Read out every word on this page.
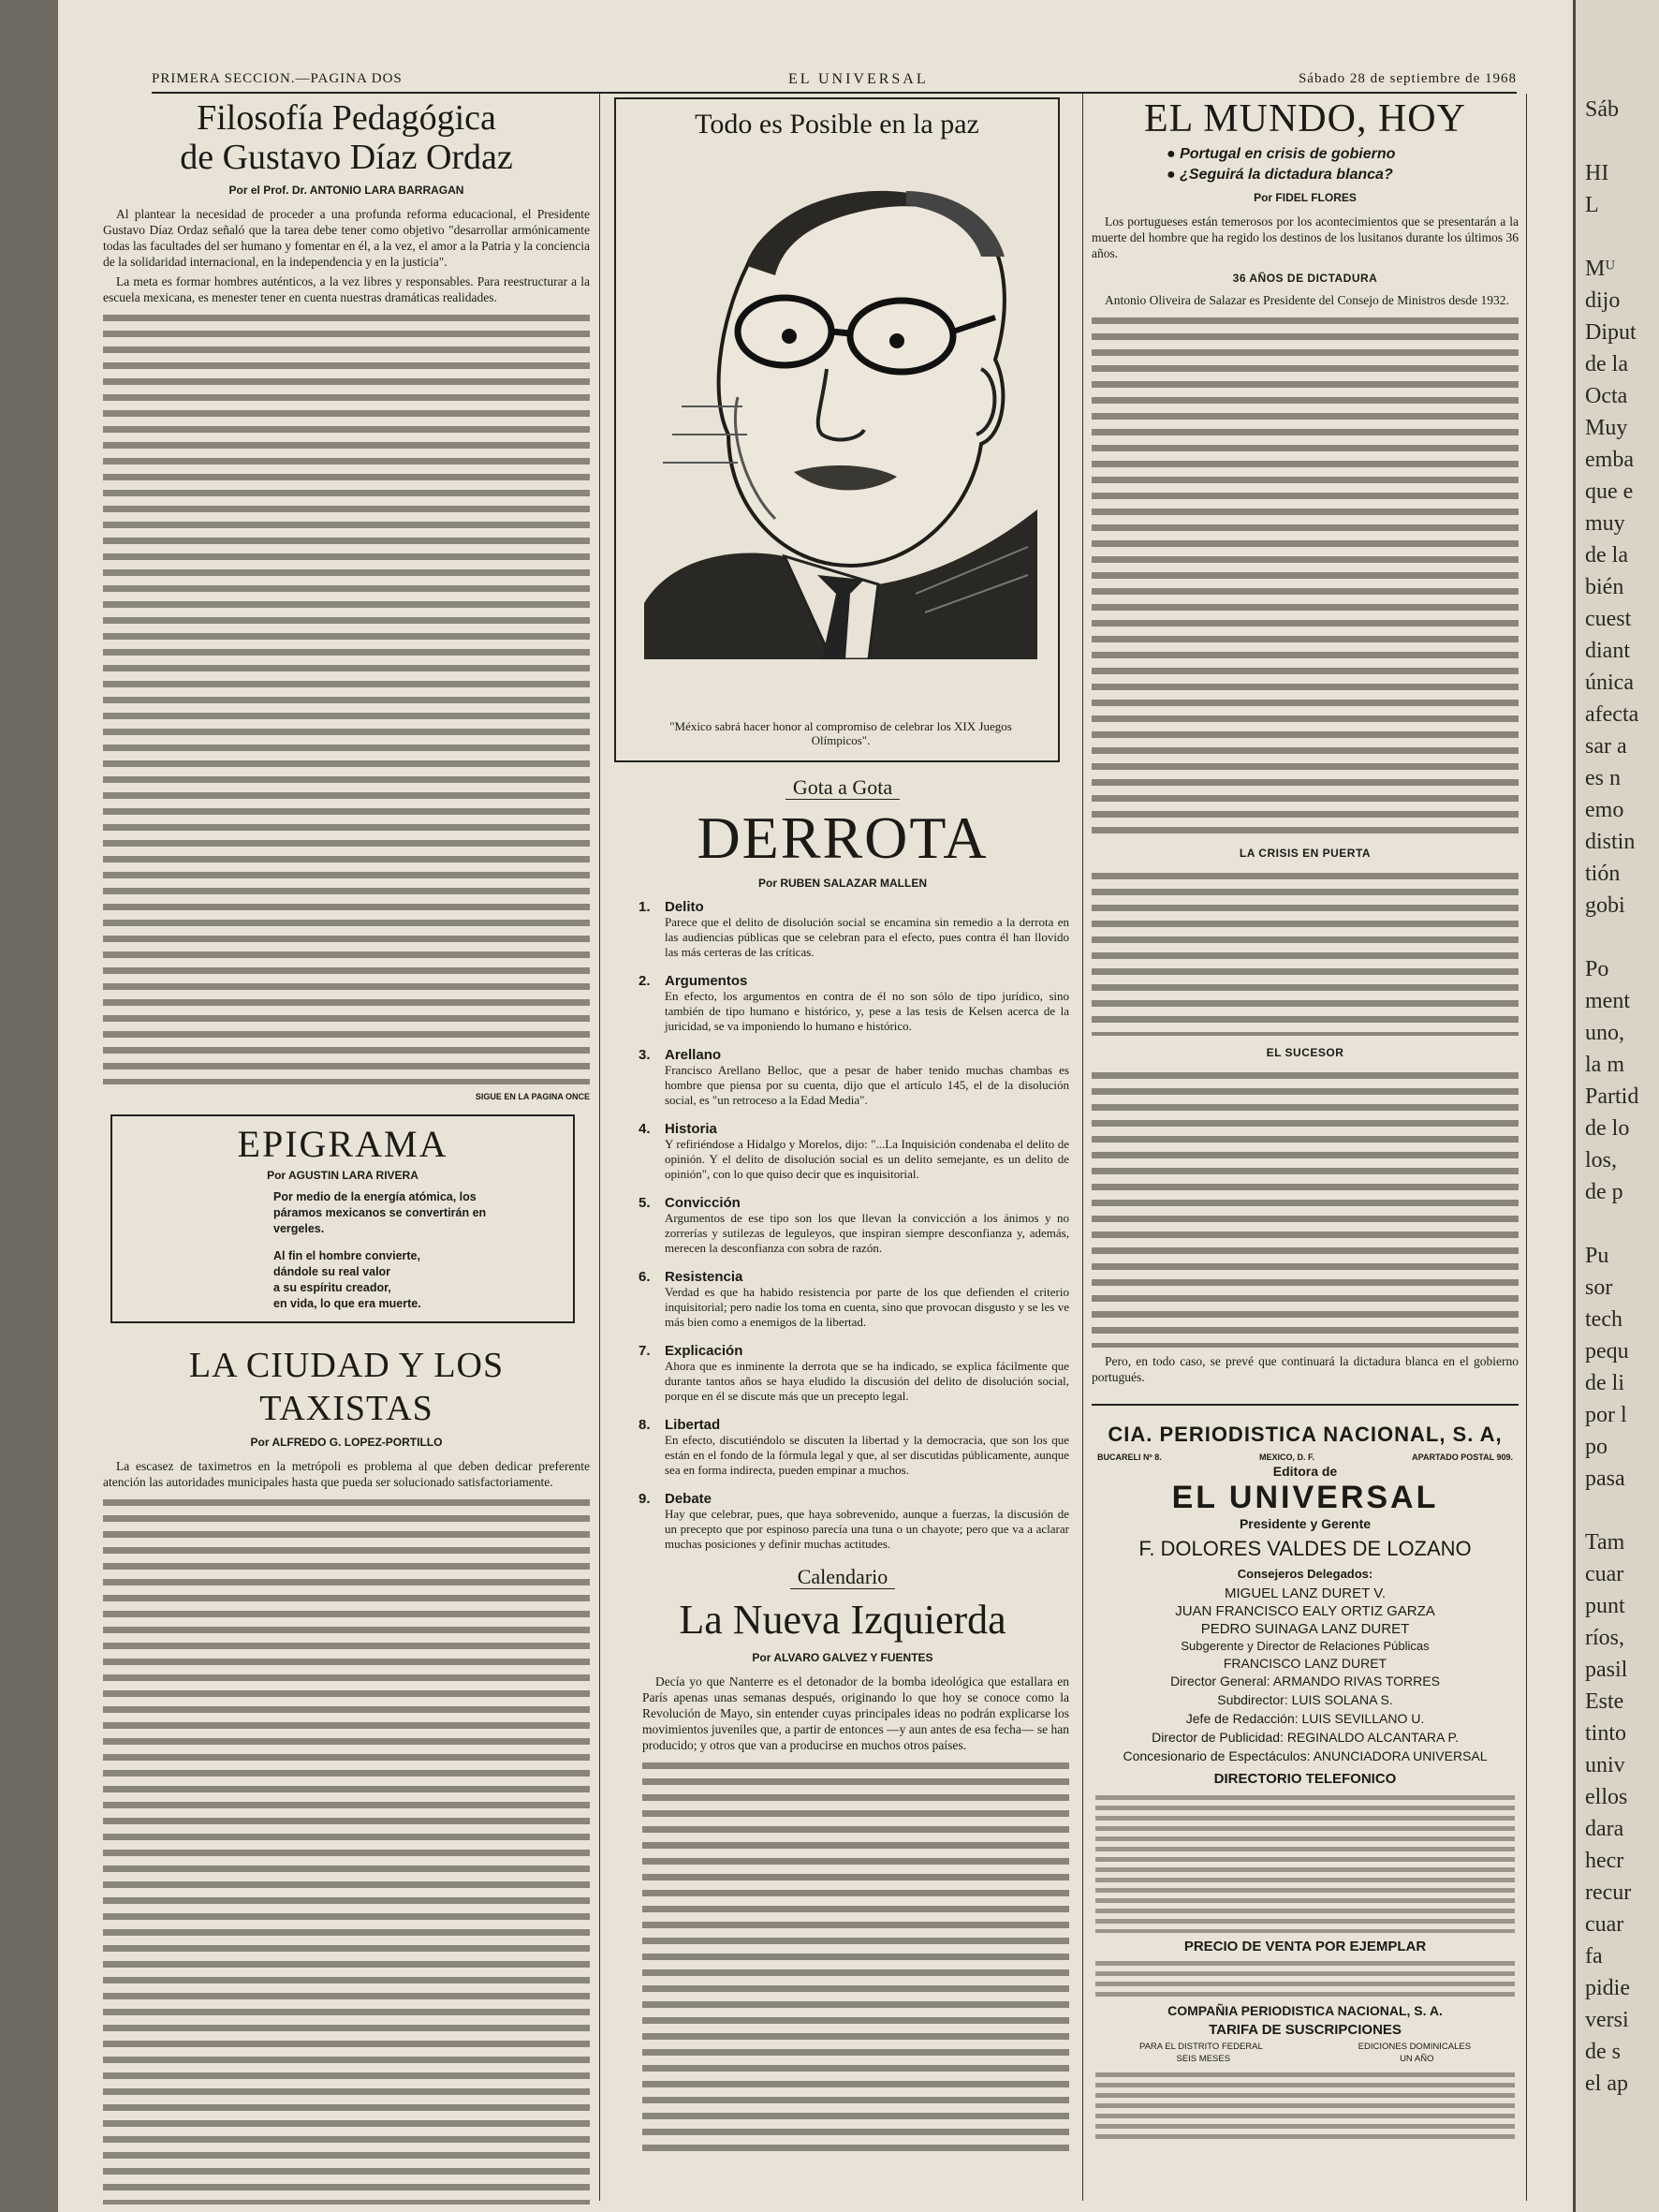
PRIMERA SECCION.—PAGINA DOS	EL UNIVERSAL	Sábado 28 de septiembre de 1968
Filosofía Pedagógica
de Gustavo Díaz Ordaz
Por el Prof. Dr. ANTONIO LARA BARRAGAN

Al plantear la necesidad de proceder a una profunda reforma educacional, el Presidente Gustavo Díaz Ordaz señaló que la tarea debe tener como objetivo "desarrollar armónicamente todas las facultades del ser humano y fomentar en él, a la vez, el amor a la Patria y la conciencia de la solidaridad internacional, en la independencia y en la justicia".

La meta es formar hombres auténticos, a la vez libres y responsables. Para reestructurar a la escuela mexicana, es menester tener en cuenta nuestras dramáticas realidades.

SIGUE EN LA PAGINA ONCE
EPIGRAMA
Por AGUSTIN LARA RIVERA
Por medio de la energía atómica, los
páramos mexicanos se convertirán en
vergeles.
Al fin el hombre convierte,
dándole su real valor
a su espíritu creador,
en vida, lo que era muerte.
LA CIUDAD Y LOS
TAXISTAS
Por ALFREDO G. LOPEZ-PORTILLO

La escasez de taximetros en la metrópoli es problema al que deben dedicar preferente atención las autoridades municipales hasta que pueda ser solucionado satisfactoriamente.

Todo es Posible en la paz
"México sabrá hacer honor al compromiso de celebrar los XIX Juegos Olímpicos".
Gota a Gota
DERROTA
Por RUBEN SALAZAR MALLEN
1. Delito
Parece que el delito de disolución social se encamina sin remedio a la derrota en las audiencias públicas que se celebran para el efecto, pues contra él han llovido las más certeras de las críticas.
2. Argumentos
En efecto, los argumentos en contra de él no son sólo de tipo jurídico, sino también de tipo humano e histórico, y, pese a las tesis de Kelsen acerca de la juricidad, se va imponiendo lo humano e histórico.
3. Arellano
Francisco Arellano Belloc, que a pesar de haber tenido muchas chambas es hombre que piensa por su cuenta, dijo que el artículo 145, el de la disolución social, es "un retroceso a la Edad Media".
4. Historia
Y refiriéndose a Hidalgo y Morelos, dijo: "...La Inquisición condenaba el delito de opinión. Y el delito de disolución social es un delito semejante, es un delito de opinión", con lo que quiso decir que es inquisitorial.
5. Convicción
Argumentos de ese tipo son los que llevan la convicción a los ánimos y no zorrerías y sutilezas de leguleyos, que inspiran siempre desconfianza y, además, merecen la desconfianza con sobra de razón.
6. Resistencia
Verdad es que ha habido resistencia por parte de los que defienden el criterio inquisitorial; pero nadie los toma en cuenta, sino que provocan disgusto y se les ve más bien como a enemigos de la libertad.
7. Explicación
Ahora que es inminente la derrota que se ha indicado, se explica fácilmente que durante tantos años se haya eludido la discusión del delito de disolución social, porque en él se discute más que un precepto legal.
8. Libertad
En efecto, discutiéndolo se discuten la libertad y la democracia, que son los que están en el fondo de la fórmula legal y que, al ser discutidas públicamente, aunque sea en forma indirecta, pueden empinar a muchos.
9. Debate
Hay que celebrar, pues, que haya sobrevenido, aunque a fuerzas, la discusión de un precepto que por espinoso parecía una tuna o un chayote; pero que va a aclarar muchas posiciones y definir muchas actitudes.
Calendario
La Nueva Izquierda
Por ALVARO GALVEZ Y FUENTES

Decía yo que Nanterre es el detonador de la bomba ideológica que estallara en París apenas unas semanas después, originando lo que hoy se conoce como la Revolución de Mayo, sin entender cuyas principales ideas no podrán explicarse los movimientos juveniles que, a partir de entonces —y aun antes de esa fecha— se han producido; y otros que van a producirse en muchos otros países.

EL MUNDO, HOY
● Portugal en crisis de gobierno
● ¿Seguirá la dictadura blanca?
Por FIDEL FLORES

Los portugueses están temerosos por los acontecimientos que se presentarán a la muerte del hombre que ha regido los destinos de los lusitanos durante los últimos 36 años.

36 AÑOS DE DICTADURA

Antonio Oliveira de Salazar es Presidente del Consejo de Ministros desde 1932.

LA CRISIS EN PUERTA
EL SUCESOR

Pero, en todo caso, se prevé que continuará la dictadura blanca en el gobierno portugués.

CIA. PERIODISTICA NACIONAL, S. A,
BUCARELI Nº 8.	MEXICO, D. F.	APARTADO POSTAL 909.
Editora de
EL UNIVERSAL
Presidente y Gerente
F. DOLORES VALDES DE LOZANO
Consejeros Delegados:
MIGUEL LANZ DURET V.
JUAN FRANCISCO EALY ORTIZ GARZA
PEDRO SUINAGA LANZ DURET
Subgerente y Director de Relaciones Públicas
FRANCISCO LANZ DURET
Director General: ARMANDO RIVAS TORRES
Subdirector: LUIS SOLANA S.
Jefe de Redacción: LUIS SEVILLANO U.
Director de Publicidad: REGINALDO ALCANTARA P.
Concesionario de Espectáculos: ANUNCIADORA UNIVERSAL
DIRECTORIO TELEFONICO
PRECIO DE VENTA POR EJEMPLAR
COMPAÑIA PERIODISTICA NACIONAL, S. A.
TARIFA DE SUSCRIPCIONES
PARA EL DISTRITO FEDERAL	EDICIONES DOMINICALES
SEIS MESES	UN AÑO
Sáb
HI
L
Mᵁ
dijo
Diput
de la
Octa
Muy
emba
que e
muy
de la
bién
cuest
diant
única
afecta
sar a
es n
emo
distin
tión
gobi
Po
ment
uno,
la m
Partid
de lo
los,
de p
Pu
sor
tech
pequ
de li
por l
po
pasa
Tam
cuar
punt
ríos,
pasil
Este
tinto
univ
ellos
dara
hecr
recur
cuar
fa
pidie
versi
de s
el ap
